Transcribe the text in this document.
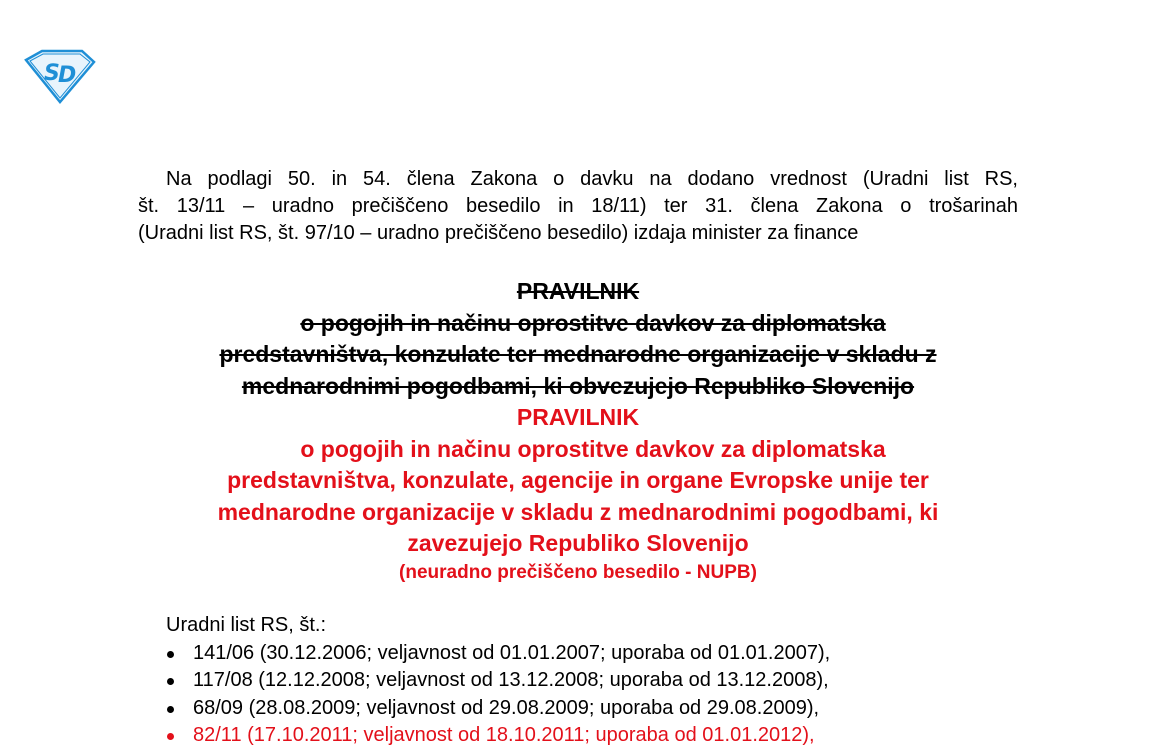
S
D
Na podlagi 50. in 54. člena Zakona o davku na dodano vrednost (Uradni list RS,
št. 13/11 – uradno prečiščeno besedilo in 18/11) ter 31. člena Zakona o trošarinah
(Uradni list RS, št. 97/10 – uradno prečiščeno besedilo) izdaja minister za finance
PRAVILNIK
o pogojih in načinu oprostitve davkov za diplomatska
predstavništva, konzulate ter mednarodne organizacije v skladu z
mednarodnimi pogodbami, ki obvezujejo Republiko Slovenijo
PRAVILNIK
o pogojih in načinu oprostitve davkov za diplomatska
predstavništva, konzulate, agencije in organe Evropske unije ter
mednarodne organizacije v skladu z mednarodnimi pogodbami, ki
zavezujejo Republiko Slovenijo
(neuradno prečiščeno besedilo - NUPB)
Uradni list RS, št.:
141/06 (30.12.2006; veljavnost od 01.01.2007; uporaba od 01.01.2007),
117/08 (12.12.2008; veljavnost od 13.12.2008; uporaba od 13.12.2008),
68/09 (28.08.2009; veljavnost od 29.08.2009; uporaba od 29.08.2009),
82/11 (17.10.2011; veljavnost od 18.10.2011; uporaba od 01.01.2012),
